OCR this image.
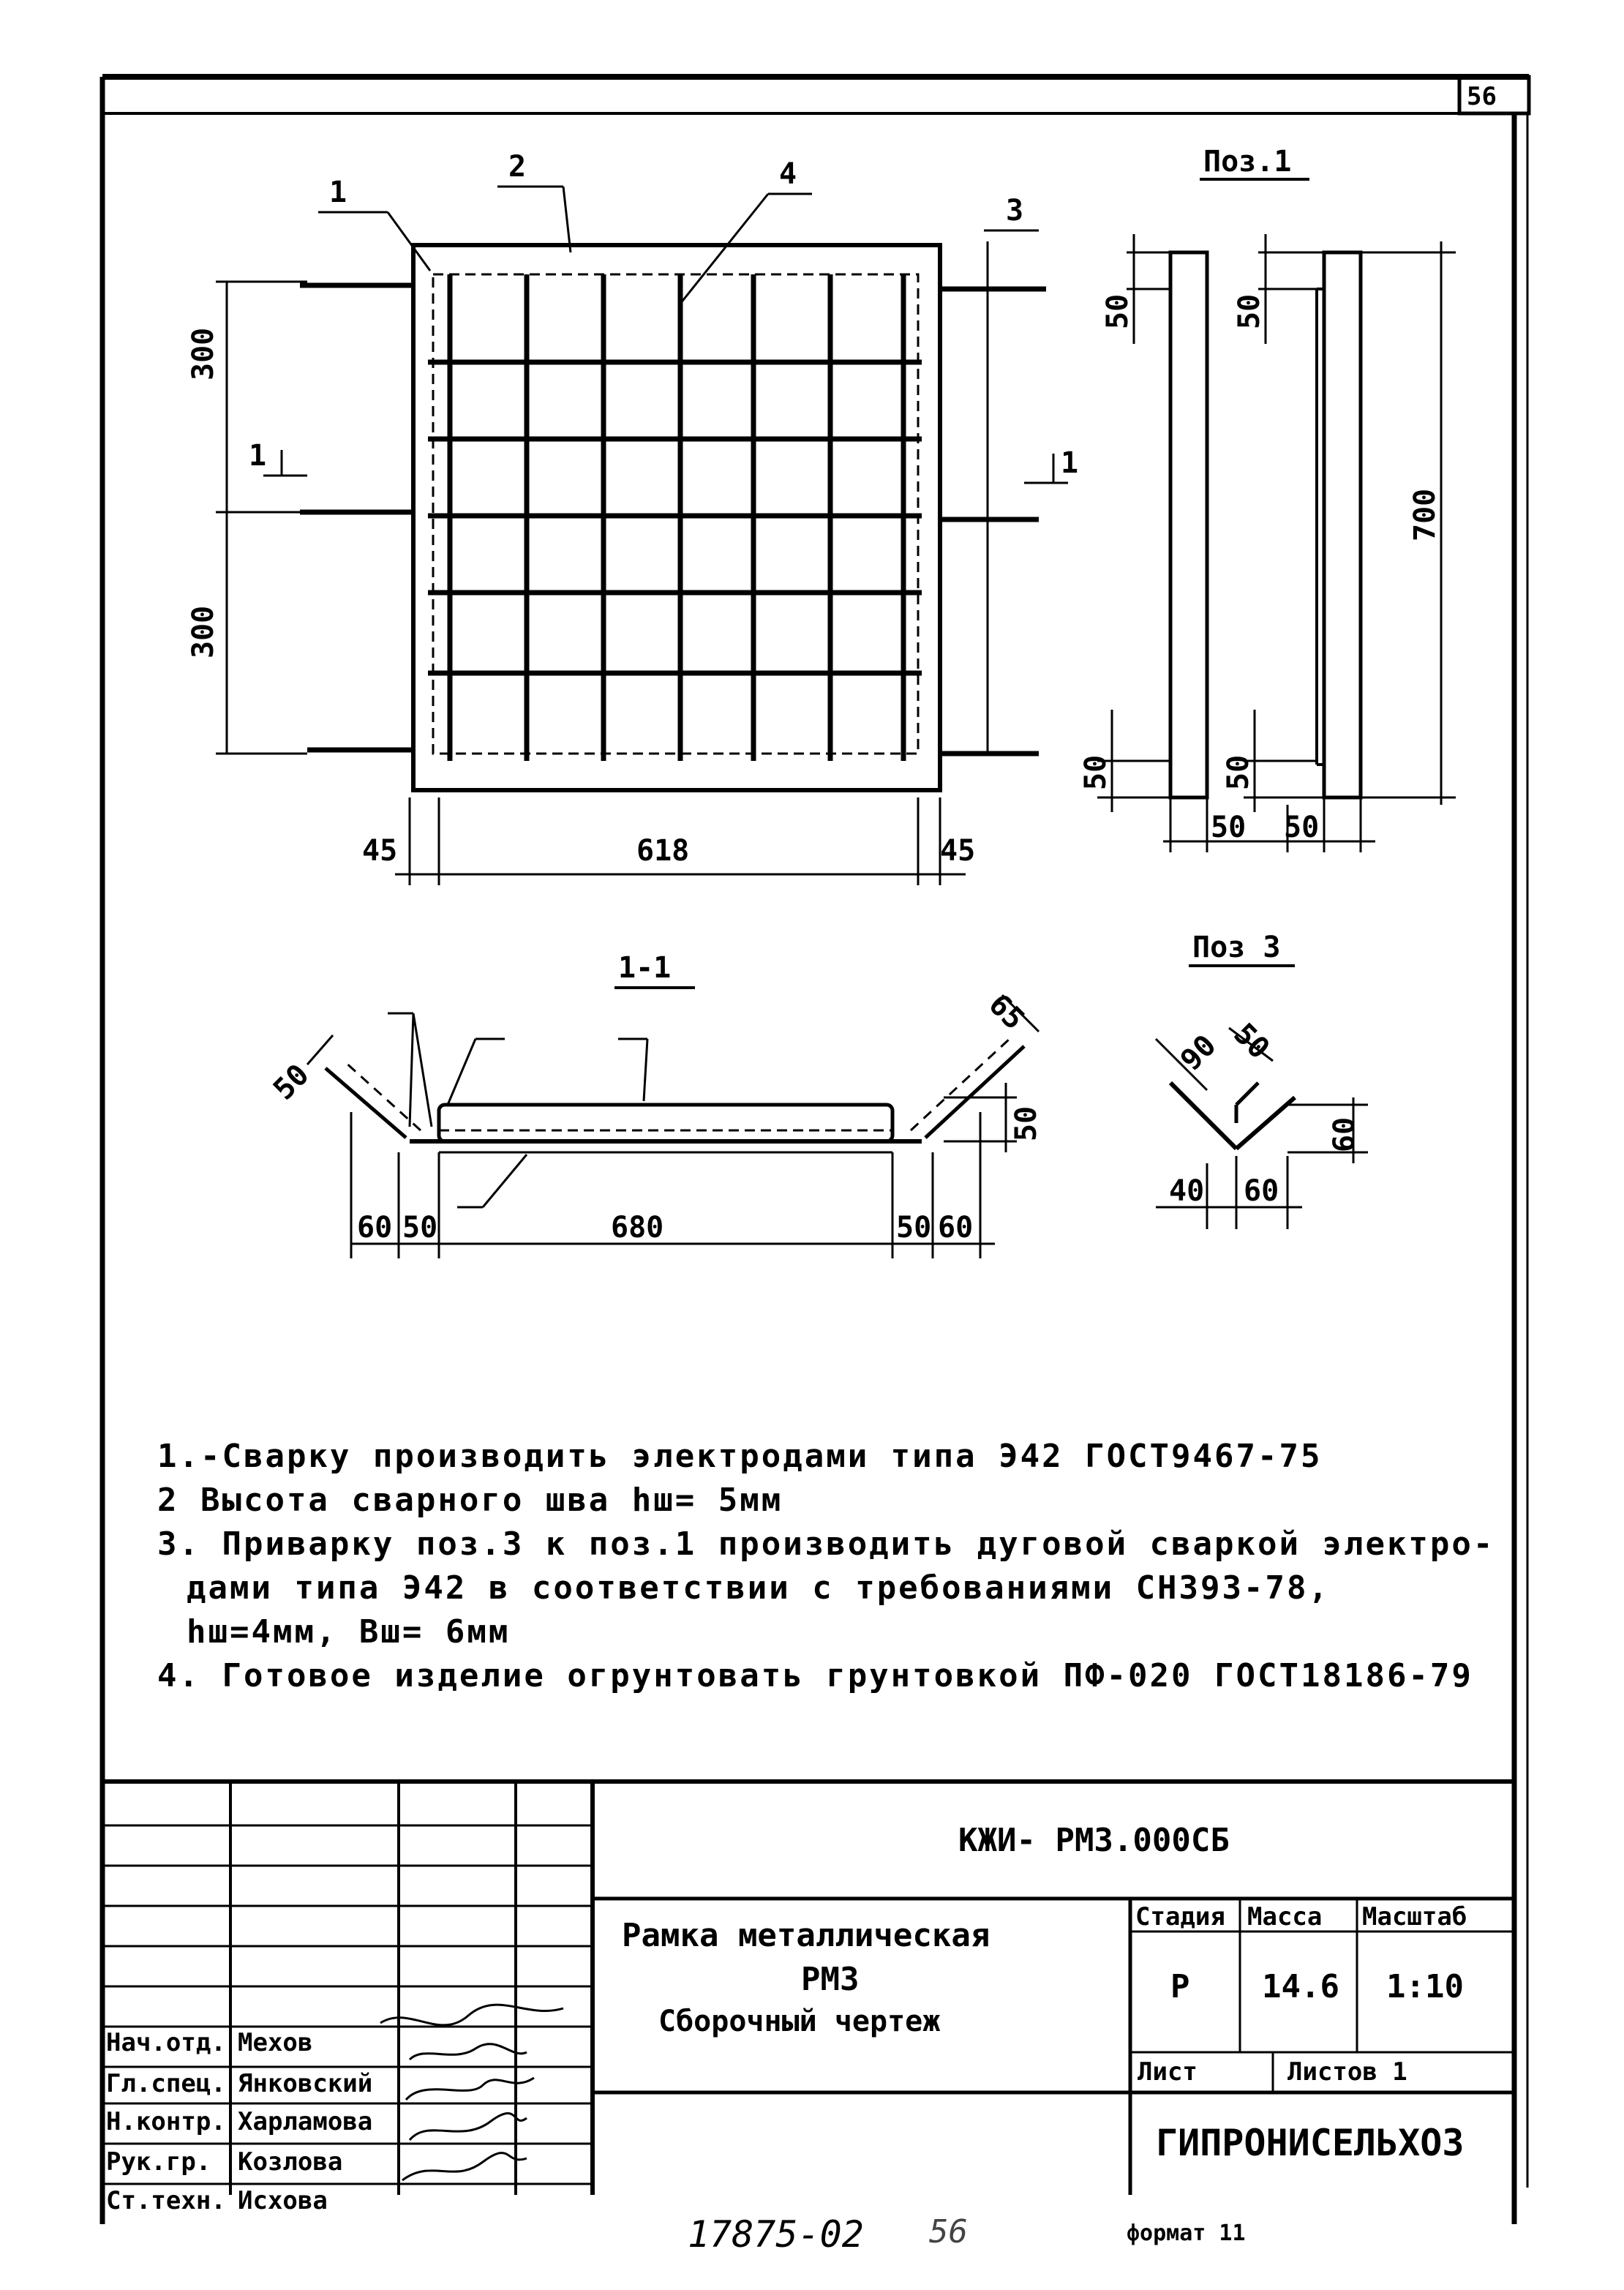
56
Поз.1
1-1
Поз 3
1
2
3
4
1	1
300
300
45	618	45
50	50
700
50	50
50 50
50
65
50
60 50	680	50 60
90 50
60
40 60
1.-Сварку производить электродами типа Э42 ГОСТ9467-75
2 Высота сварного шва hш= 5мм
3. Приварку поз.3 к поз.1 производить дуговой сваркой электро-
дами типа Э42 в соответствии с требованиями СН393-78,
hш=4мм, Вш= 6мм
4. Готовое изделие огрунтовать грунтовкой ПФ-020 ГОСТ18186-79
КЖИ- РМ3.000СБ
Рамка металлическая
РМ3
Сборочный чертеж
Стадия Масса Масштаб
Р 14.6 1:10
Лист	Листов 1
ГИПРОНИСЕЛЬХОЗ
Нач.отд. Мехов
Гл.спец. Янковский
Н.контр. Харламова
Рук.гр. Козлова
Ст.техн. Исхова
17875-02 56	формат 11
